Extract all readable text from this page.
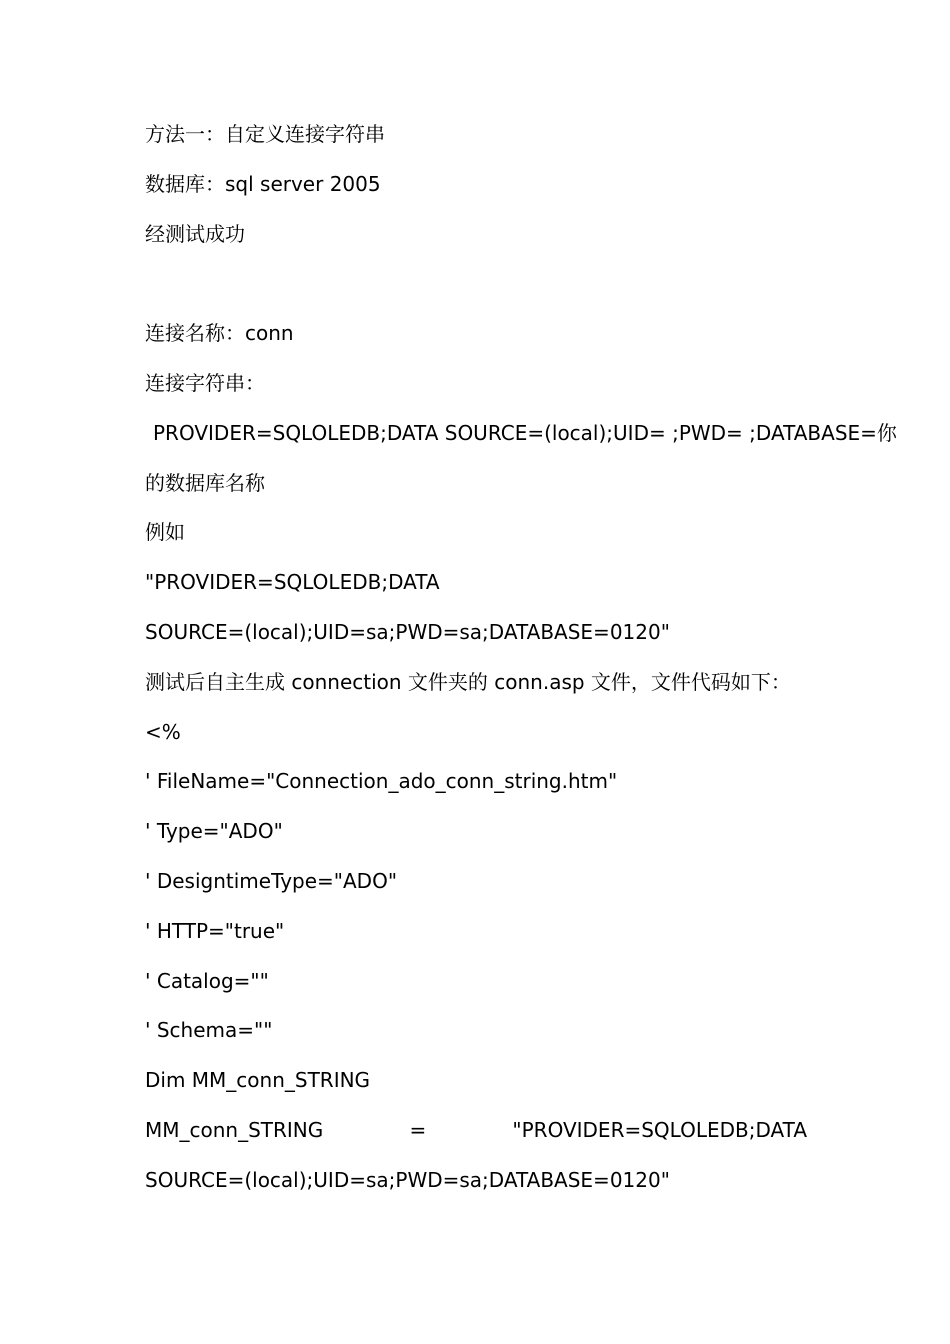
方法一：自定义连接字符串
数据库：sql server 2005
经测试成功
连接名称：conn
连接字符串：
PROVIDER=SQLOLEDB;DATA SOURCE=(local);UID= ;PWD= ;DATABASE=你
的数据库名称
例如
"PROVIDER=SQLOLEDB;DATA
SOURCE=(local);UID=sa;PWD=sa;DATABASE=0120"
测试后自主生成 connection 文件夹的 conn.asp 文件，文件代码如下：
<%
' FileName="Connection_ado_conn_string.htm"
' Type="ADO"
' DesigntimeType="ADO"
' HTTP="true"
' Catalog=""
' Schema=""
Dim MM_conn_STRING
MM_conn_STRING	=	"PROVIDER=SQLOLEDB;DATA
SOURCE=(local);UID=sa;PWD=sa;DATABASE=0120"
